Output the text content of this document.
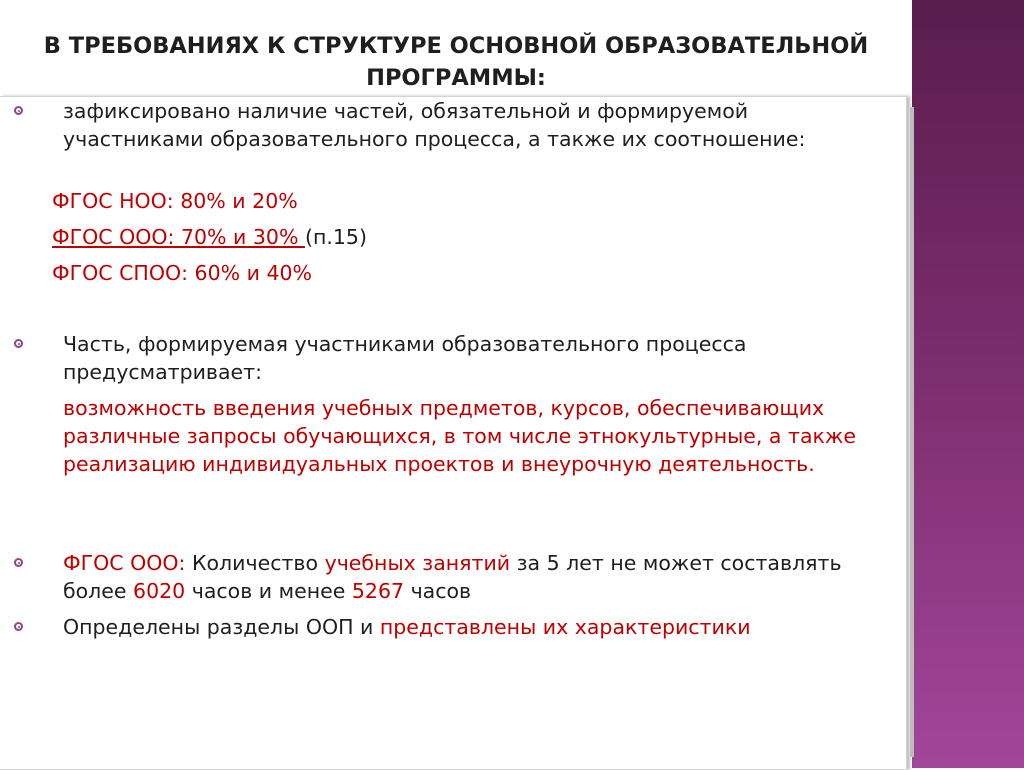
В ТРЕБОВАНИЯХ К СТРУКТУРЕ ОСНОВНОЙ ОБРАЗОВАТЕЛЬНОЙ ПРОГРАММЫ:

зафиксировано наличие частей, обязательной и формируемой участниками образовательного процесса, а также их соотношение:

ФГОС НОО: 80% и 20%

ФГОС ООО: 70% и 30% (п.15)

ФГОС СПОО: 60% и 40%

Часть, формируемая участниками образовательного процесса предусматривает:

возможность введения учебных предметов, курсов, обеспечивающих различные запросы обучающихся, в том числе этнокультурные, а также реализацию индивидуальных проектов и внеурочную деятельность.

ФГОС ООО: Количество учебных занятий за 5 лет не может составлять более 6020 часов и менее 5267 часов

Определены разделы ООП и представлены их характеристики
